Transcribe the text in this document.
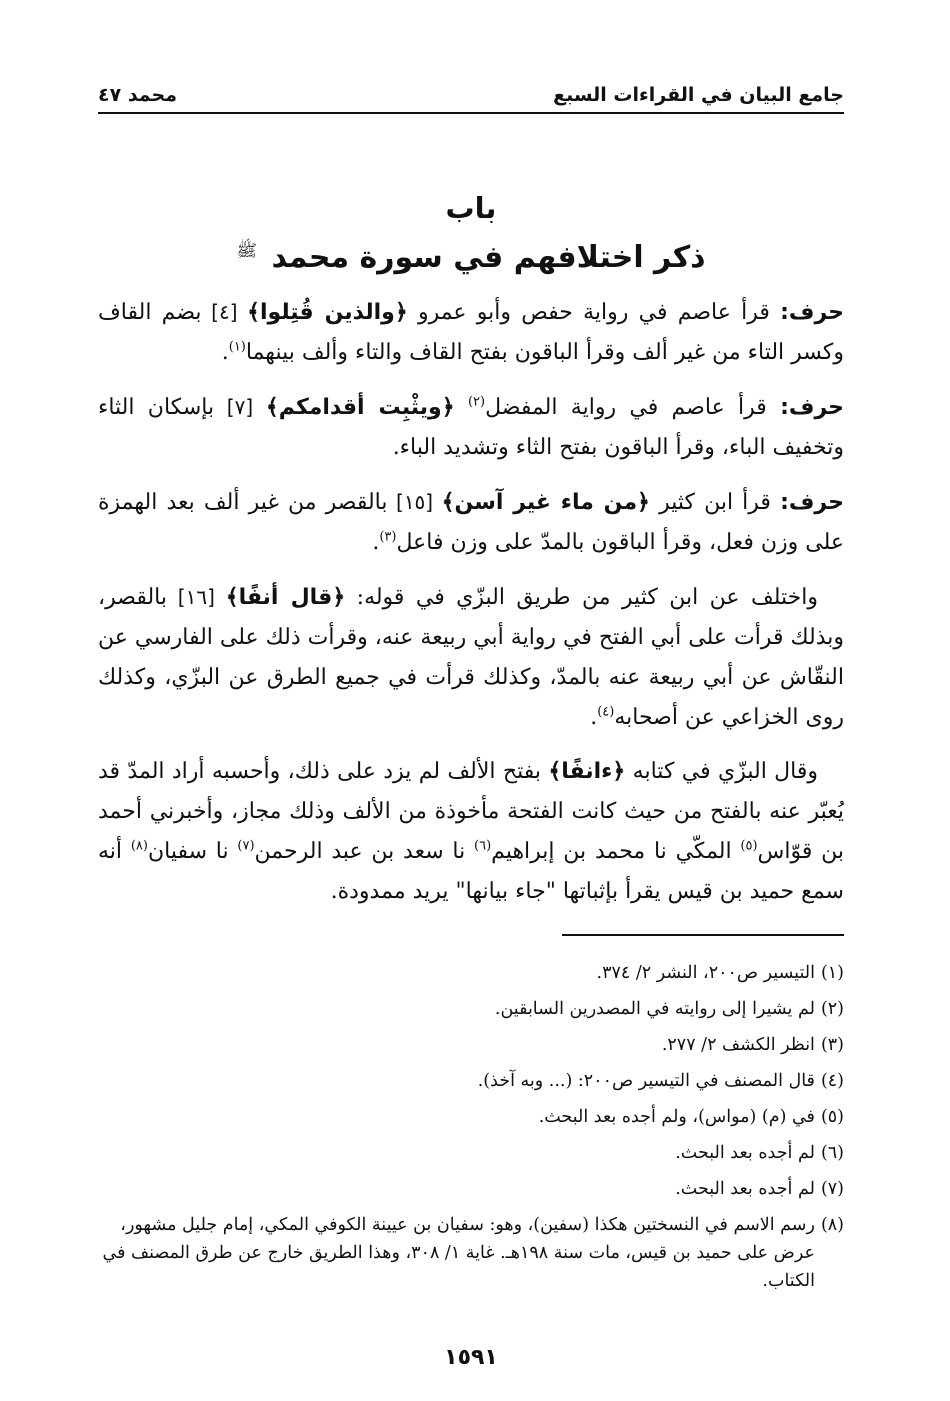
جامع البيان في القراءات السبع
محمد ٤٧
باب
ذكر اختلافهم في سورة محمد $^ﷺ$

حرف: قرأ عاصم في رواية حفص وأبو عمرو ﴿والذين قُتِلوا﴾ [٤] بضم القاف وكسر التاء من غير ألف وقرأ الباقون بفتح القاف والتاء وألف بينهما$^{(١)}$.

حرف: قرأ عاصم في رواية المفضل$^{(٢)}$ ﴿ويثْبِت أقدامكم﴾ [٧] بإسكان الثاء وتخفيف الباء، وقرأ الباقون بفتح الثاء وتشديد الباء.

حرف: قرأ ابن كثير ﴿من ماء غير آسن﴾ [١٥] بالقصر من غير ألف بعد الهمزة على وزن فعل، وقرأ الباقون بالمدّ على وزن فاعل$^{(٣)}$.

واختلف عن ابن كثير من طريق البزّي في قوله: ﴿قال أنفًا﴾ [١٦] بالقصر، وبذلك قرأت على أبي الفتح في رواية أبي ربيعة عنه، وقرأت ذلك على الفارسي عن النقّاش عن أبي ربيعة عنه بالمدّ، وكذلك قرأت في جميع الطرق عن البزّي، وكذلك روى الخزاعي عن أصحابه$^{(٤)}$.

وقال البزّي في كتابه ﴿ءانفًا﴾ بفتح الألف لم يزد على ذلك، وأحسبه أراد المدّ قد يُعبّر عنه بالفتح من حيث كانت الفتحة مأخوذة من الألف وذلك مجاز، وأخبرني أحمد بن قوّاس$^{(٥)}$ المكّي نا محمد بن إبراهيم$^{(٦)}$ نا سعد بن عبد الرحمن$^{(٧)}$ نا سفيان$^{(٨)}$ أنه سمع حميد بن قيس يقرأ بإثباتها "جاء بيانها" يريد ممدودة.

(١)
التيسير ص٢٠٠، النشر ٢/ ٣٧٤.
(٢)
لم يشيرا إلى روايته في المصدرين السابقين.
(٣)
انظر الكشف ٢/ ٢٧٧.
(٤)
قال المصنف في التيسير ص٢٠٠: (... وبه آخذ).
(٥)
في (م) (مواس)، ولم أجده بعد البحث.
(٦)
لم أجده بعد البحث.
(٧)
لم أجده بعد البحث.
(٨)
رسم الاسم في النسختين هكذا (سفين)، وهو: سفيان بن عيينة الكوفي المكي، إمام جليل مشهور، عرض على حميد بن قيس، مات سنة ١٩٨هـ. غاية ١/ ٣٠٨، وهذا الطريق خارج عن طرق المصنف في الكتاب.
١٥٩١
